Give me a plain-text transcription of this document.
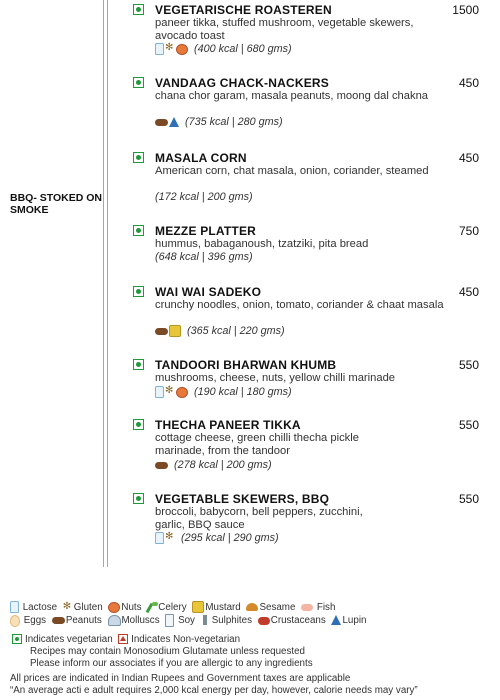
BBQ- STOKED ON SMOKE
VEGETARISCHE ROASTEREN	1500
paneer tikka, stuffed mushroom, vegetable skewers, avocado toast
✻(400 kcal | 680 gms)
VANDAAG CHACK-NACKERS	450
chana chor garam, masala peanuts, moong dal chakna
(735 kcal | 280 gms)
MASALA CORN	450
American corn, chat masala, onion, coriander, steamed
(172 kcal | 200 gms)
MEZZE PLATTER	750
hummus, babaganoush, tzatziki, pita bread
(648 kcal | 396 gms)
WAI WAI SADEKO	450
crunchy noodles, onion, tomato, coriander & chaat masala
(365 kcal | 220 gms)
TANDOORI BHARWAN KHUMB	550
mushrooms, cheese, nuts, yellow chilli marinade
✻(190 kcal | 180 gms)
THECHA PANEER TIKKA	550
cottage cheese, green chilli thecha pickle marinade, from the tandoor
(278 kcal | 200 gms)
VEGETABLE SKEWERS, BBQ	550
broccoli, babycorn, bell peppers, zucchini, garlic, BBQ sauce
✻(295 kcal | 290 gms)
Lactose ✻ Gluten Nuts Celery Mustard Sesame Fish
Eggs Peanuts Molluscs Soy Sulphites Crustaceans Lupin
Indicates vegetarian Indicates Non-vegetarian
Recipes may contain Monosodium Glutamate unless requested
Please inform our associates if you are allergic to any ingredients
All prices are indicated in Indian Rupees and Government taxes are applicable
“An average acti e adult requires 2,000 kcal energy per day, however, calorie needs may vary”
